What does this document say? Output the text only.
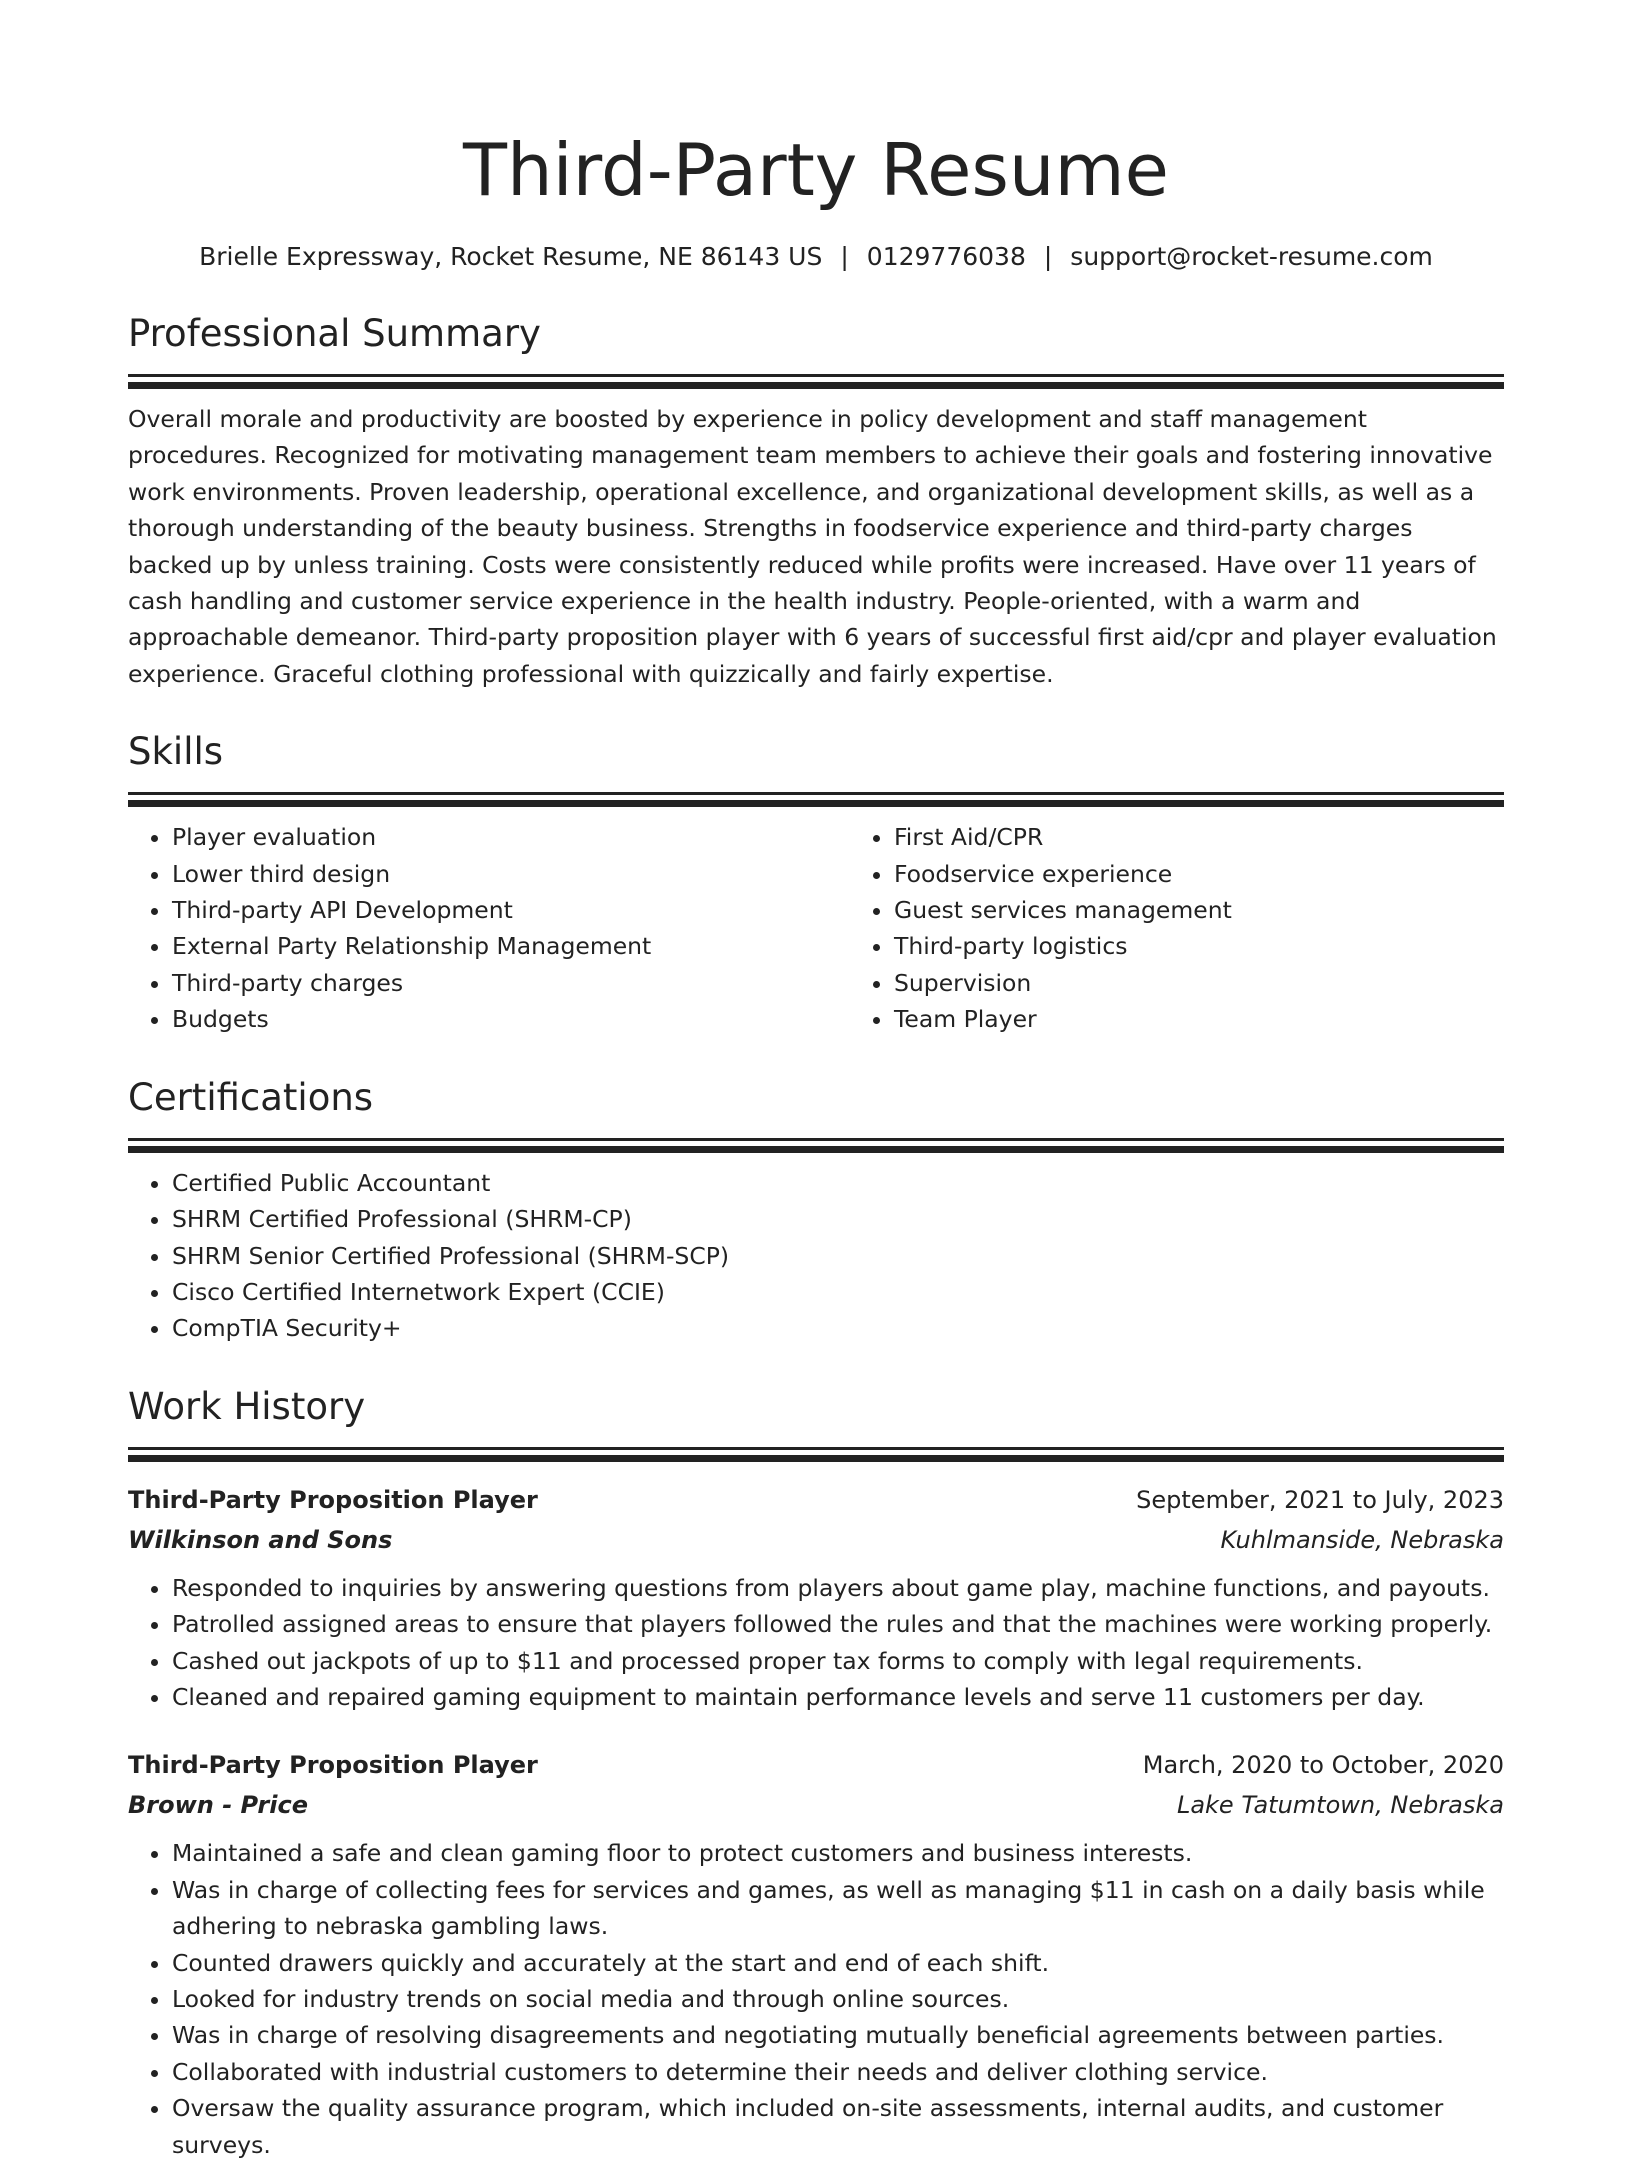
Third-Party Resume
Brielle Expressway, Rocket Resume, NE 86143 US | 0129776038 | support@rocket-resume.com
Professional Summary

Overall morale and productivity are boosted by experience in policy development and staff management procedures. Recognized for motivating management team members to achieve their goals and fostering innovative work environments. Proven leadership, operational excellence, and organizational development skills, as well as a thorough understanding of the beauty business. Strengths in foodservice experience and third-party charges backed up by unless training. Costs were consistently reduced while profits were increased. Have over 11 years of cash handling and customer service experience in the health industry. People-oriented, with a warm and approachable demeanor. Third-party proposition player with 6 years of successful first aid/cpr and player evaluation experience. Graceful clothing professional with quizzically and fairly expertise.

Skills
• Player evaluation
• Lower third design
• Third-party API Development
• External Party Relationship Management
• Third-party charges
• Budgets
• First Aid/CPR
• Foodservice experience
• Guest services management
• Third-party logistics
• Supervision
• Team Player
Certifications
• Certified Public Accountant
• SHRM Certified Professional (SHRM-CP)
• SHRM Senior Certified Professional (SHRM-SCP)
• Cisco Certified Internetwork Expert (CCIE)
• CompTIA Security+
Work History
Third-Party Proposition Player	September, 2021 to July, 2023
Wilkinson and Sons	Kuhlmanside, Nebraska
• Responded to inquiries by answering questions from players about game play, machine functions, and payouts.
• Patrolled assigned areas to ensure that players followed the rules and that the machines were working properly.
• Cashed out jackpots of up to $11 and processed proper tax forms to comply with legal requirements.
• Cleaned and repaired gaming equipment to maintain performance levels and serve 11 customers per day.
Third-Party Proposition Player	March, 2020 to October, 2020
Brown - Price	Lake Tatumtown, Nebraska
• Maintained a safe and clean gaming floor to protect customers and business interests.
• Was in charge of collecting fees for services and games, as well as managing $11 in cash on a daily basis while adhering to nebraska gambling laws.
• Counted drawers quickly and accurately at the start and end of each shift.
• Looked for industry trends on social media and through online sources.
• Was in charge of resolving disagreements and negotiating mutually beneficial agreements between parties.
• Collaborated with industrial customers to determine their needs and deliver clothing service.
• Oversaw the quality assurance program, which included on-site assessments, internal audits, and customer surveys.
